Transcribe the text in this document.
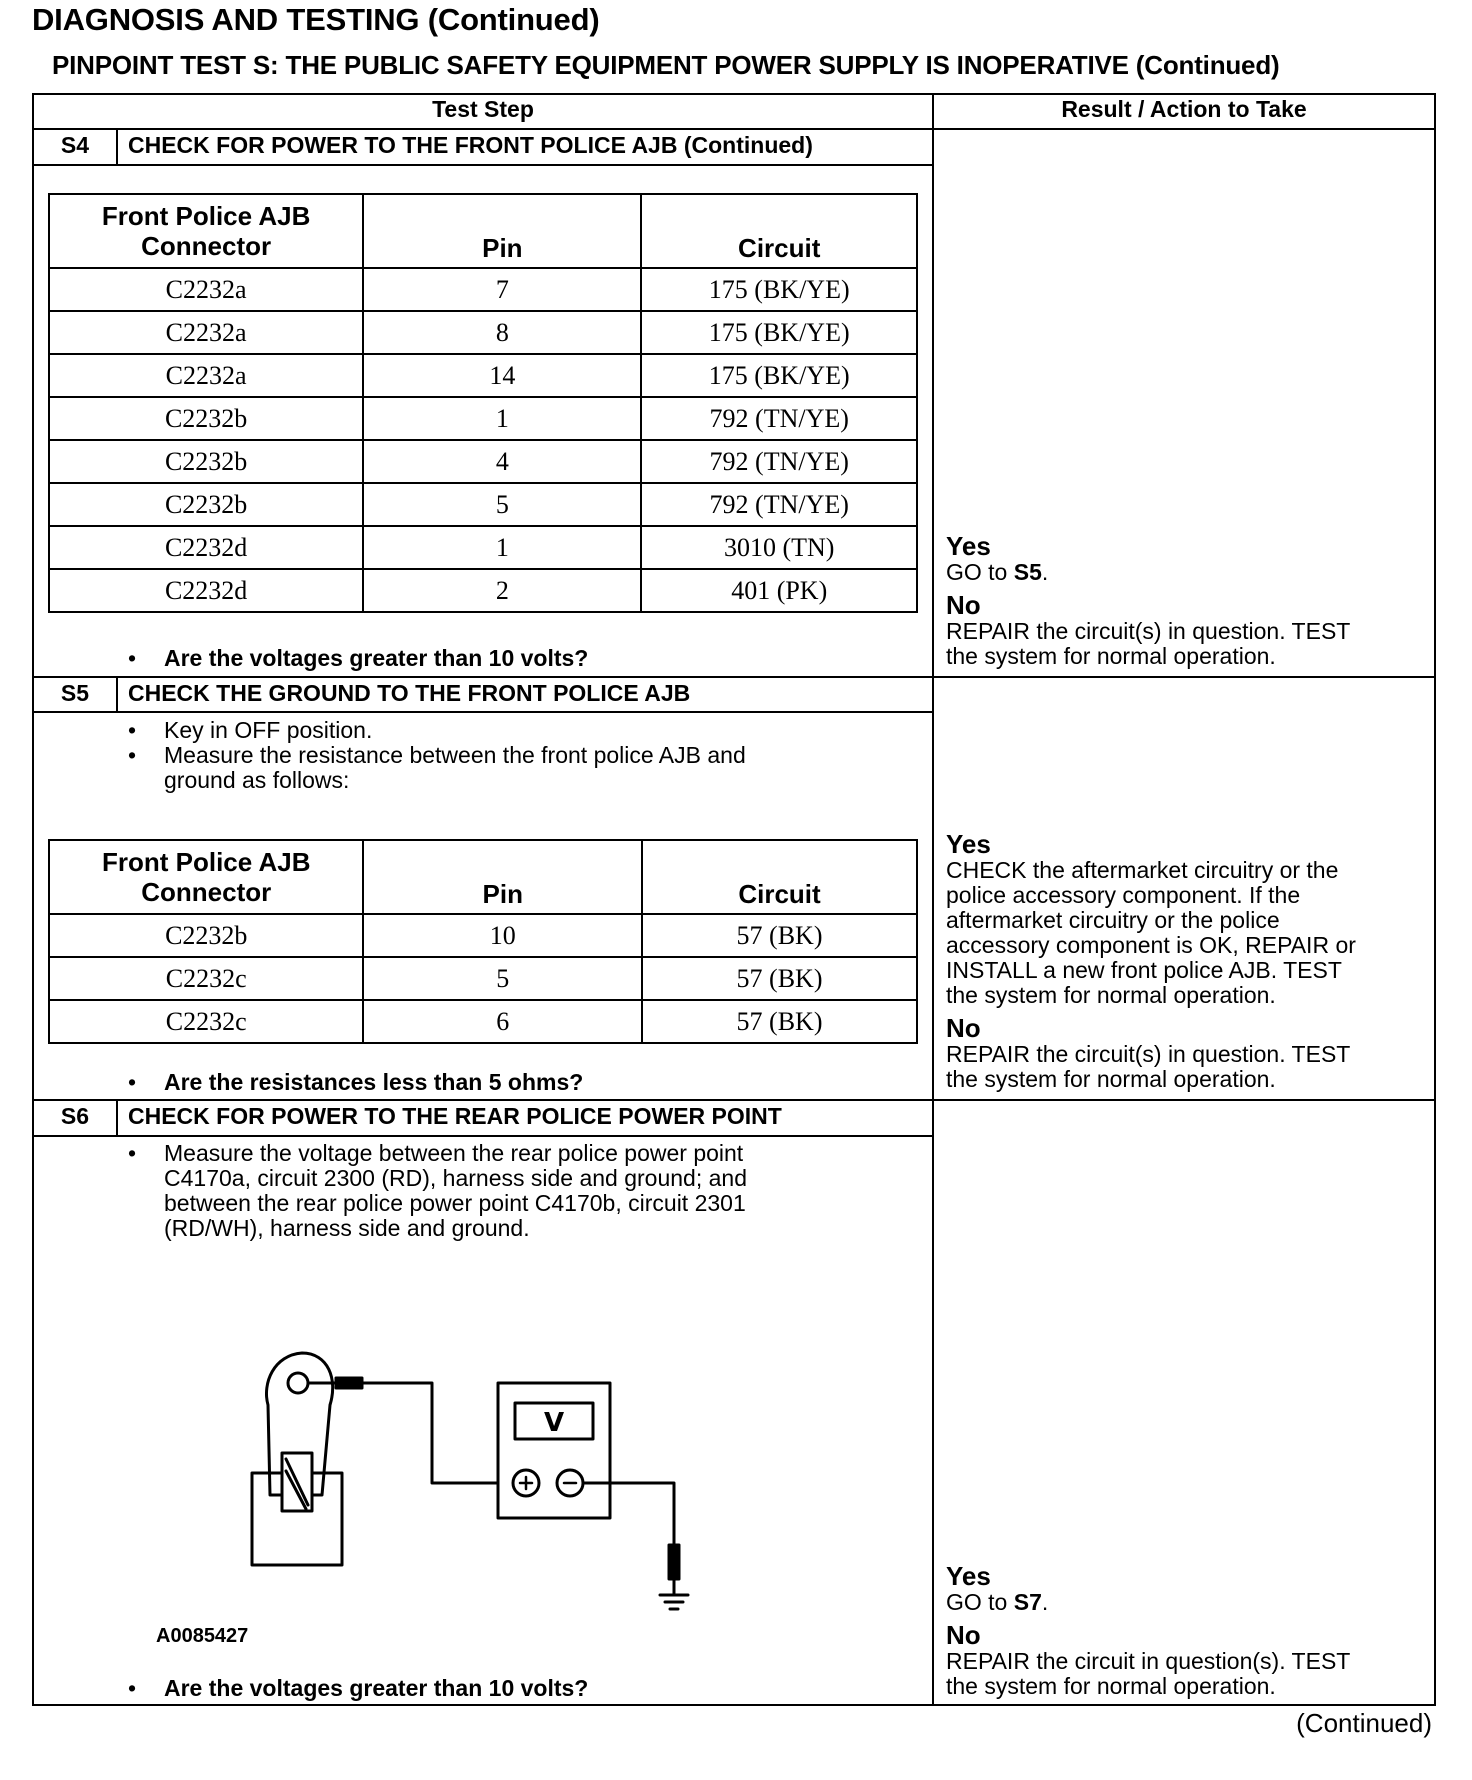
DIAGNOSIS AND TESTING (Continued)
PINPOINT TEST S: THE PUBLIC SAFETY EQUIPMENT POWER SUPPLY IS INOPERATIVE (Continued)
Test Step	Result / Action to Take
S4	CHECK FOR POWER TO THE FRONT POLICE AJB (Continued)
Front Police AJB Connector	Pin	Circuit
C2232a	7	175 (BK/YE)
C2232a	8	175 (BK/YE)
C2232a	14	175 (BK/YE)
C2232b	1	792 (TN/YE)
C2232b	4	792 (TN/YE)
C2232b	5	792 (TN/YE)
C2232d	1	3010 (TN)
C2232d	2	401 (PK)
• Are the voltages greater than 10 volts?
Yes
GO to S5.
No
REPAIR the circuit(s) in question. TEST
the system for normal operation.
S5	CHECK THE GROUND TO THE FRONT POLICE AJB
• Key in OFF position.
• Measure the resistance between the front police AJB and
ground as follows:
Front Police AJB Connector	Pin	Circuit
C2232b	10	57 (BK)
C2232c	5	57 (BK)
C2232c	6	57 (BK)
• Are the resistances less than 5 ohms?
Yes
CHECK the aftermarket circuitry or the
police accessory component. If the
aftermarket circuitry or the police
accessory component is OK, REPAIR or
INSTALL a new front police AJB. TEST
the system for normal operation.
No
REPAIR the circuit(s) in question. TEST
the system for normal operation.
S6	CHECK FOR POWER TO THE REAR POLICE POWER POINT
• Measure the voltage between the rear police power point
C4170a, circuit 2300 (RD), harness side and ground; and
between the rear police power point C4170b, circuit 2301
(RD/WH), harness side and ground.
V
A0085427
• Are the voltages greater than 10 volts?
Yes
GO to S7.
No
REPAIR the circuit in question(s). TEST
the system for normal operation.
(Continued)
